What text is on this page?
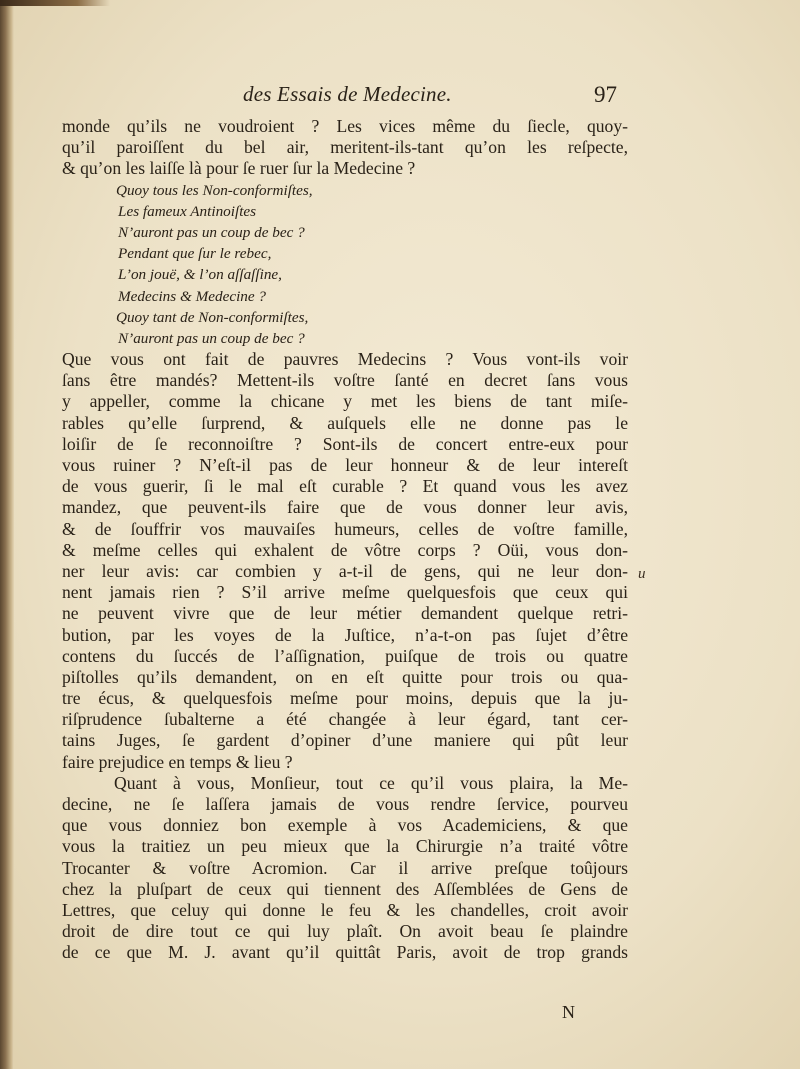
des Essais de Medecine.	97
monde qu’ils ne voudroient ? Les vices même du ſiecle, quoy-
qu’il paroiſſent du bel air, meritent-ils-tant qu’on les reſpecte,
& qu’on les laiſſe là pour ſe ruer ſur la Medecine ?
Quoy tous les Non-conformiſtes,
Les fameux Antinoiſtes
N’auront pas un coup de bec ?
Pendant que ſur le rebec,
L’on jouë, & l’on aſſaſſine,
Medecins & Medecine ?
Quoy tant de Non-conformiſtes,
N’auront pas un coup de bec ?
Que vous ont fait de pauvres Medecins ? Vous vont-ils voir
ſans être mandés? Mettent-ils voſtre ſanté en decret ſans vous
y appeller, comme la chicane y met les biens de tant miſe-
rables qu’elle ſurprend, & auſquels elle ne donne pas le
loiſir de ſe reconnoiſtre ? Sont-ils de concert entre-eux pour
vous ruiner ? N’eſt-il pas de leur honneur & de leur intereſt
de vous guerir, ſi le mal eſt curable ? Et quand vous les avez
mandez, que peuvent-ils faire que de vous donner leur avis,
& de ſouffrir vos mauvaiſes humeurs, celles de voſtre famille,
& meſme celles qui exhalent de vôtre corps ? Oüi, vous don-
ner leur avis: car combien y a-t-il de gens, qui ne leur don-
nent jamais rien ? S’il arrive meſme quelquesfois que ceux qui
ne peuvent vivre que de leur métier demandent quelque retri-
bution, par les voyes de la Juſtice, n’a-t-on pas ſujet d’être
contens du ſuccés de l’aſſignation, puiſque de trois ou quatre
piſtolles qu’ils demandent, on en eſt quitte pour trois ou qua-
tre écus, & quelquesfois meſme pour moins, depuis que la ju-
riſprudence ſubalterne a été changée à leur égard, tant cer-
tains Juges, ſe gardent d’opiner d’une maniere qui pût leur
faire prejudice en temps & lieu ?
Quant à vous, Monſieur, tout ce qu’il vous plaira, la Me-
decine, ne ſe laſſera jamais de vous rendre ſervice, pourveu
que vous donniez bon exemple à vos Academiciens, & que
vous la traitiez un peu mieux que la Chirurgie n’a traité vôtre
Trocanter & voſtre Acromion. Car il arrive preſque toûjours
chez la pluſpart de ceux qui tiennent des Aſſemblées de Gens de
Lettres, que celuy qui donne le feu & les chandelles, croit avoir
droit de dire tout ce qui luy plaît. On avoit beau ſe plaindre
de ce que M. J. avant qu’il quittât Paris, avoit de trop grands
u
N
